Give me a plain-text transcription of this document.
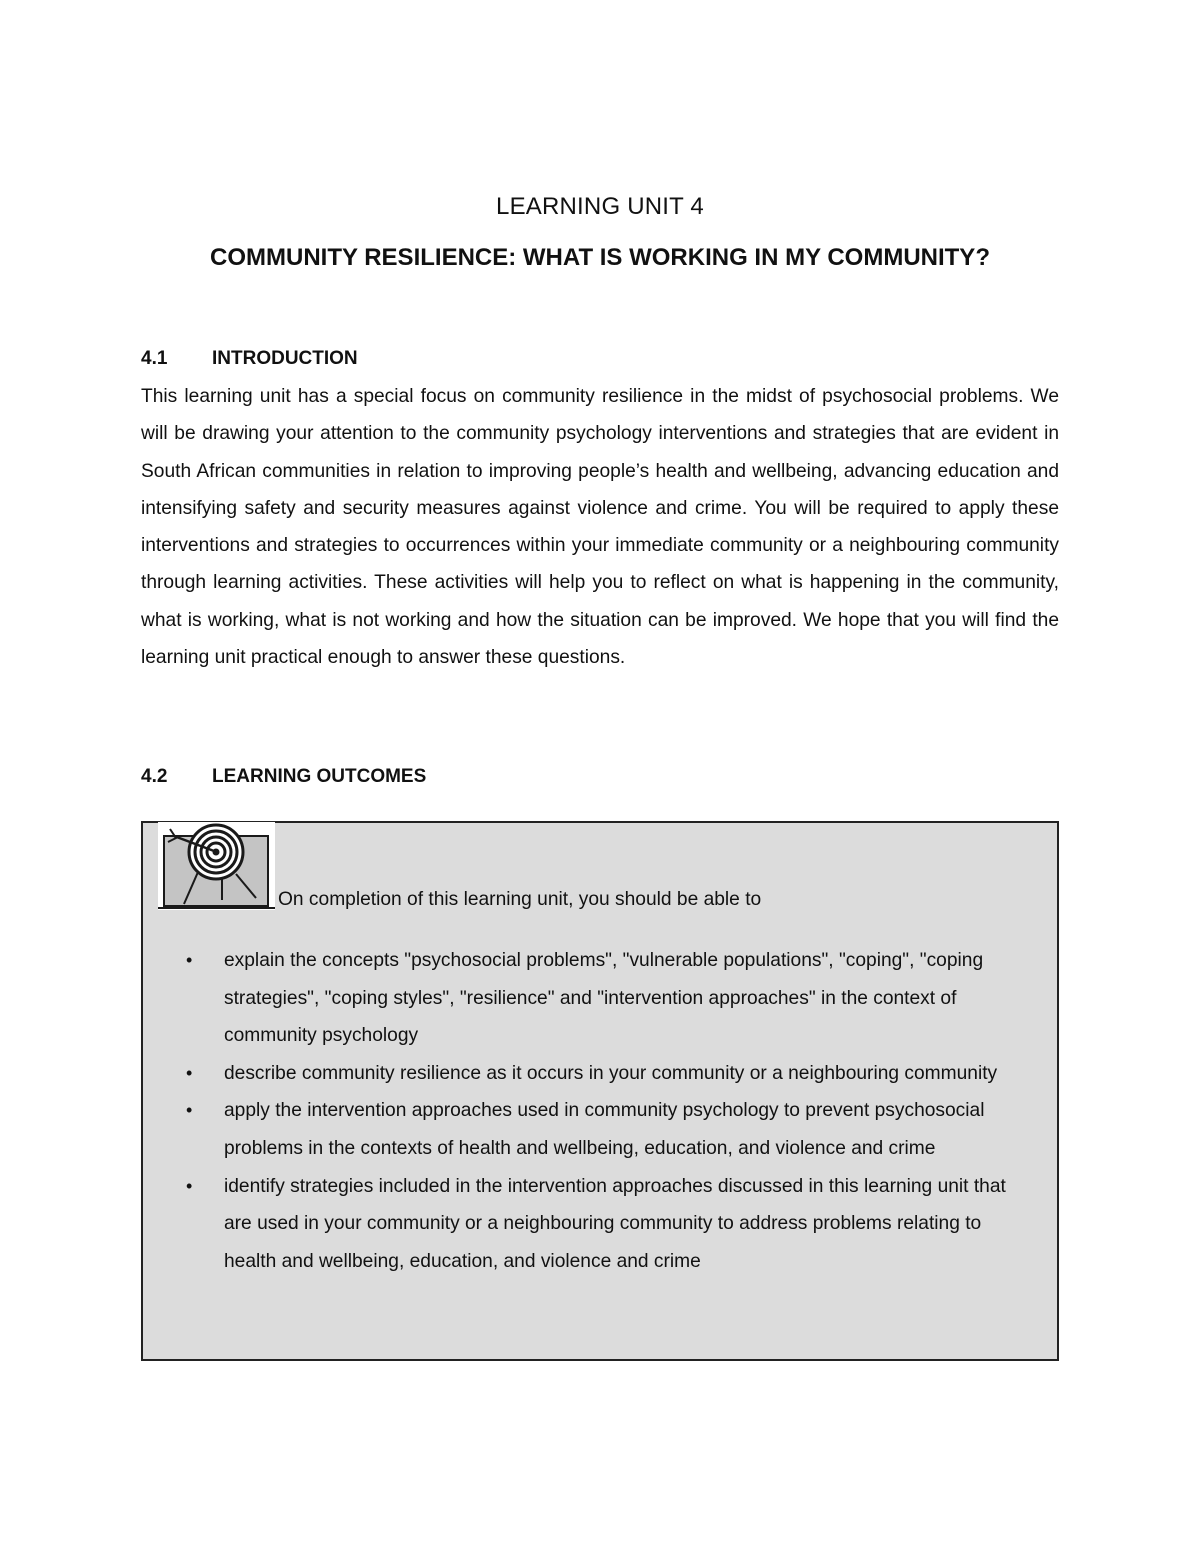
LEARNING UNIT 4
COMMUNITY RESILIENCE: WHAT IS WORKING IN MY COMMUNITY?
4.1 INTRODUCTION

This learning unit has a special focus on community resilience in the midst of psychosocial problems. We will be drawing your attention to the community psychology interventions and strategies that are evident in South African communities in relation to improving people’s health and wellbeing, advancing education and intensifying safety and security measures against violence and crime. You will be required to apply these interventions and strategies to occurrences within your immediate community or a neighbouring community through learning activities. These activities will help you to reflect on what is happening in the community, what is working, what is not working and how the situation can be improved. We hope that you will find the learning unit practical enough to answer these questions.

4.2 LEARNING OUTCOMES
On completion of this learning unit, you should be able to
• explain the concepts "psychosocial problems", "vulnerable populations", "coping", "coping strategies", "coping styles", "resilience" and "intervention approaches" in the context of community psychology
• describe community resilience as it occurs in your community or a neighbouring community
• apply the intervention approaches used in community psychology to prevent psychosocial problems in the contexts of health and wellbeing, education, and violence and crime
• identify strategies included in the intervention approaches discussed in this learning unit that are used in your community or a neighbouring community to address problems relating to health and wellbeing, education, and violence and crime
